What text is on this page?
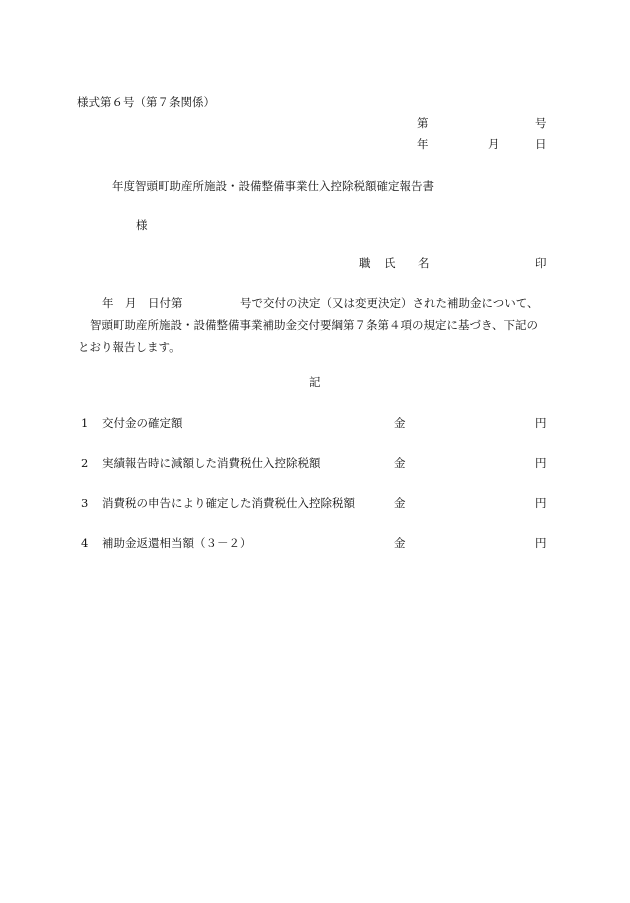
様式第６号（第７条関係）
第	号
年	月	日
年度智頭町助産所施設・設備整備事業仕入控除税額確定報告書
様
職 氏 名	印
年　月　日付第　　　　　号で交付の決定（又は変更決定）された補助金について、
智頭町助産所施設・設備整備事業補助金交付要綱第７条第４項の規定に基づき、下記の
とおり報告します。
記
1 交付金の確定額	金	円
2 実績報告時に減額した消費税仕入控除税額	金	円
3 消費税の申告により確定した消費税仕入控除税額	金	円
4 補助金返還相当額（３－２）	金	円
